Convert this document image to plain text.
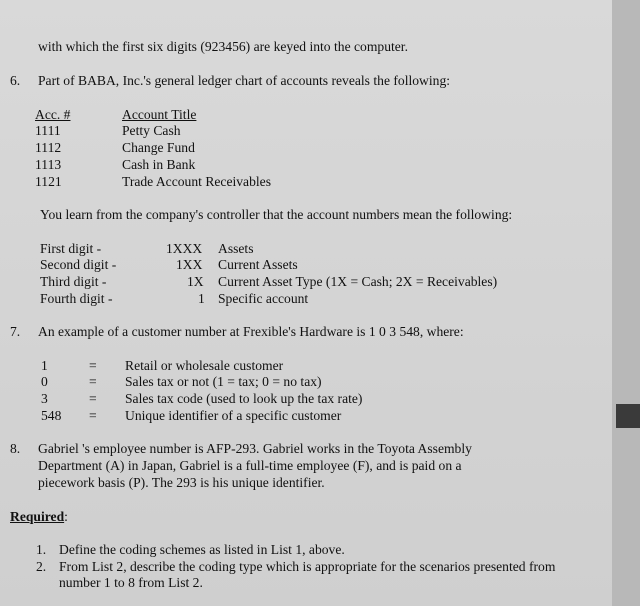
with which the first six digits (923456) are keyed into the computer.
6. Part of BABA, Inc.'s general ledger chart of accounts reveals the following:
Acc. #	Account Title
1111	Petty Cash
1112	Change Fund
1113	Cash in Bank
1121	Trade Account Receivables
You learn from the company's controller that the account numbers mean the following:
First digit -	1XXX Assets
Second digit -	1XX Current Assets
Third digit -	1X Current Asset Type (1X = Cash; 2X = Receivables)
Fourth digit -	1 Specific account
7. An example of a customer number at Frexible's Hardware is 1 0 3 548, where:
1	= Retail or wholesale customer
0	= Sales tax or not (1 = tax; 0 = no tax)
3	= Sales tax code (used to look up the tax rate)
548 = Unique identifier of a specific customer
8. Gabriel 's employee number is AFP-293. Gabriel works in the Toyota Assembly
Department (A) in Japan, Gabriel is a full-time employee (F), and is paid on a
piecework basis (P). The 293 is his unique identifier.
Required:
1. Define the coding schemes as listed in List 1, above.
2. From List 2, describe the coding type which is appropriate for the scenarios presented from
number 1 to 8 from List 2.
